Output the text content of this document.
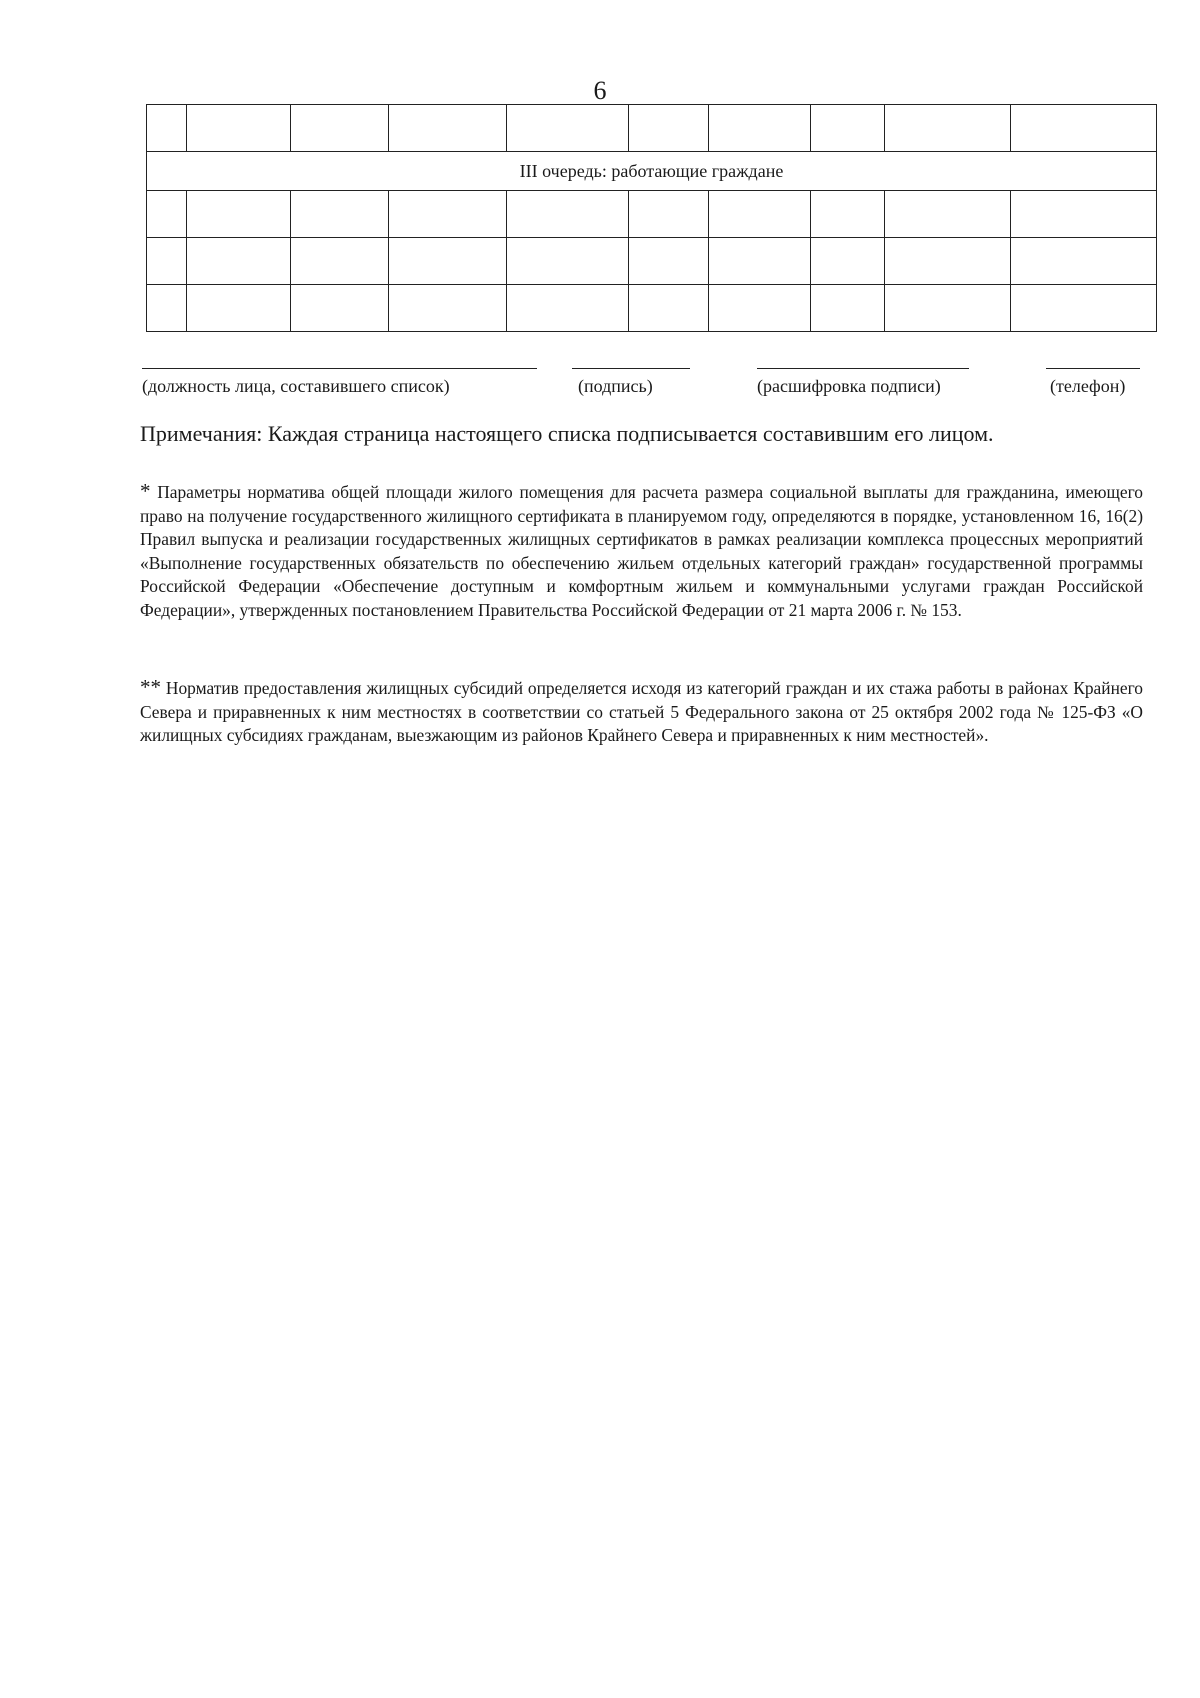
6

III очередь: работающие граждане									

(должность лица, составившего список)	(подпись)	(расшифровка подписи)	(телефон)
Примечания: Каждая страница настоящего списка подписывается составившим его лицом.

* Параметры норматива общей площади жилого помещения для расчета размера социальной выплаты для гражданина, имеющего право на получение государственного жилищного сертификата в планируемом году, определяются в порядке, установленном 16, 16(2) Правил выпуска и реализации государственных жилищных сертификатов в рамках реализации комплекса процессных мероприятий «Выполнение государственных обязательств по обеспечению жильем отдельных категорий граждан» государственной программы Российской Федерации «Обеспечение доступным и комфортным жильем и коммунальными услугами граждан Российской Федерации», утвержденных постановлением Правительства Российской Федерации от 21 марта 2006 г. № 153.

** Норматив предоставления жилищных субсидий определяется исходя из категорий граждан и их стажа работы в районах Крайнего Севера и приравненных к ним местностях в соответствии со статьей 5 Федерального закона от 25 октября 2002 года № 125-ФЗ «О жилищных субсидиях гражданам, выезжающим из районов Крайнего Севера и приравненных к ним местностей».
